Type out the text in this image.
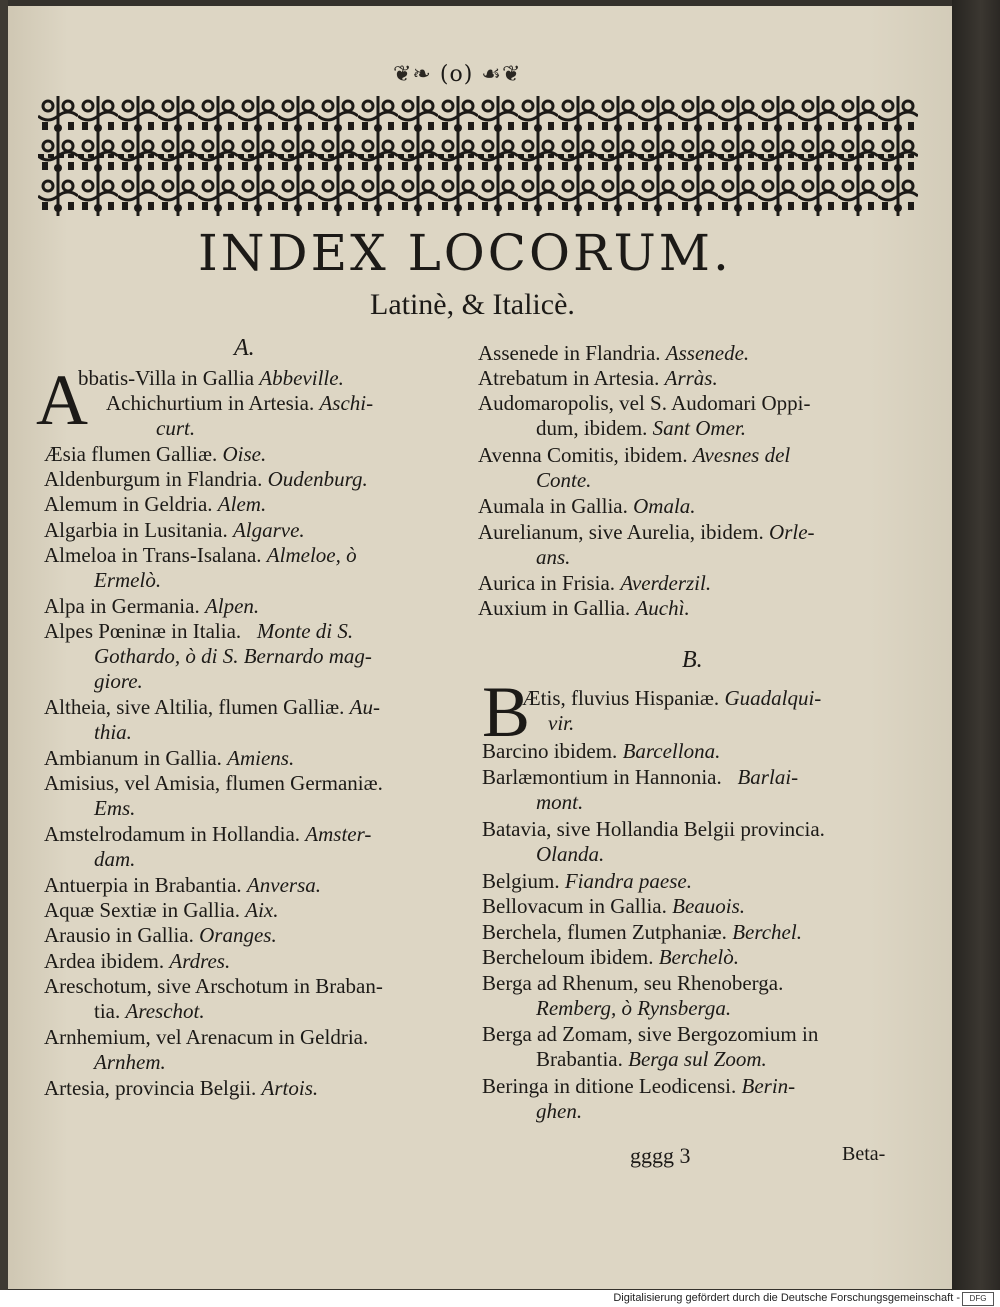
❦❧ (o) ☙❦
INDEX LOCORUM.
Latinè, & Italicè.
A.
A
bbatis-Villa in Gallia Abbeville.
Achichurtium in Artesia. Aschi-
curt.
Æsia flumen Galliæ. Oise.
Aldenburgum in Flandria. Oudenburg.
Alemum in Geldria. Alem.
Algarbia in Lusitania. Algarve.
Almeloa in Trans-Isalana. Almeloe, ò
Ermelò.
Alpa in Germania. Alpen.
Alpes Pœninæ in Italia. Monte di S.
Gothardo, ò di S. Bernardo mag-
giore.
Altheia, sive Altilia, flumen Galliæ. Au-
thia.
Ambianum in Gallia. Amiens.
Amisius, vel Amisia, flumen Germaniæ.
Ems.
Amstelrodamum in Hollandia. Amster-
dam.
Antuerpia in Brabantia. Anversa.
Aquæ Sextiæ in Gallia. Aix.
Arausio in Gallia. Oranges.
Ardea ibidem. Ardres.
Areschotum, sive Arschotum in Braban-
tia. Areschot.
Arnhemium, vel Arenacum in Geldria.
Arnhem.
Artesia, provincia Belgii. Artois.
Assenede in Flandria. Assenede.
Atrebatum in Artesia. Arràs.
Audomaropolis, vel S. Audomari Oppi-
dum, ibidem. Sant Omer.
Avenna Comitis, ibidem. Avesnes del
Conte.
Aumala in Gallia. Omala.
Aurelianum, sive Aurelia, ibidem. Orle-
ans.
Aurica in Frisia. Averderzil.
Auxium in Gallia. Auchì.
B.
B
Ætis, fluvius Hispaniæ. Guadalqui-
vir.
Barcino ibidem. Barcellona.
Barlæmontium in Hannonia. Barlai-
mont.
Batavia, sive Hollandia Belgii provincia.
Olanda.
Belgium. Fiandra paese.
Bellovacum in Gallia. Beauois.
Berchela, flumen Zutphaniæ. Berchel.
Bercheloum ibidem. Berchelò.
Berga ad Rhenum, seu Rhenoberga.
Remberg, ò Rynsberga.
Berga ad Zomam, sive Bergozomium in
Brabantia. Berga sul Zoom.
Beringa in ditione Leodicensi. Berin-
ghen.
gggg 3	Beta-
Digitalisierung gefördert durch die Deutsche Forschungsgemeinschaft -	DFG
